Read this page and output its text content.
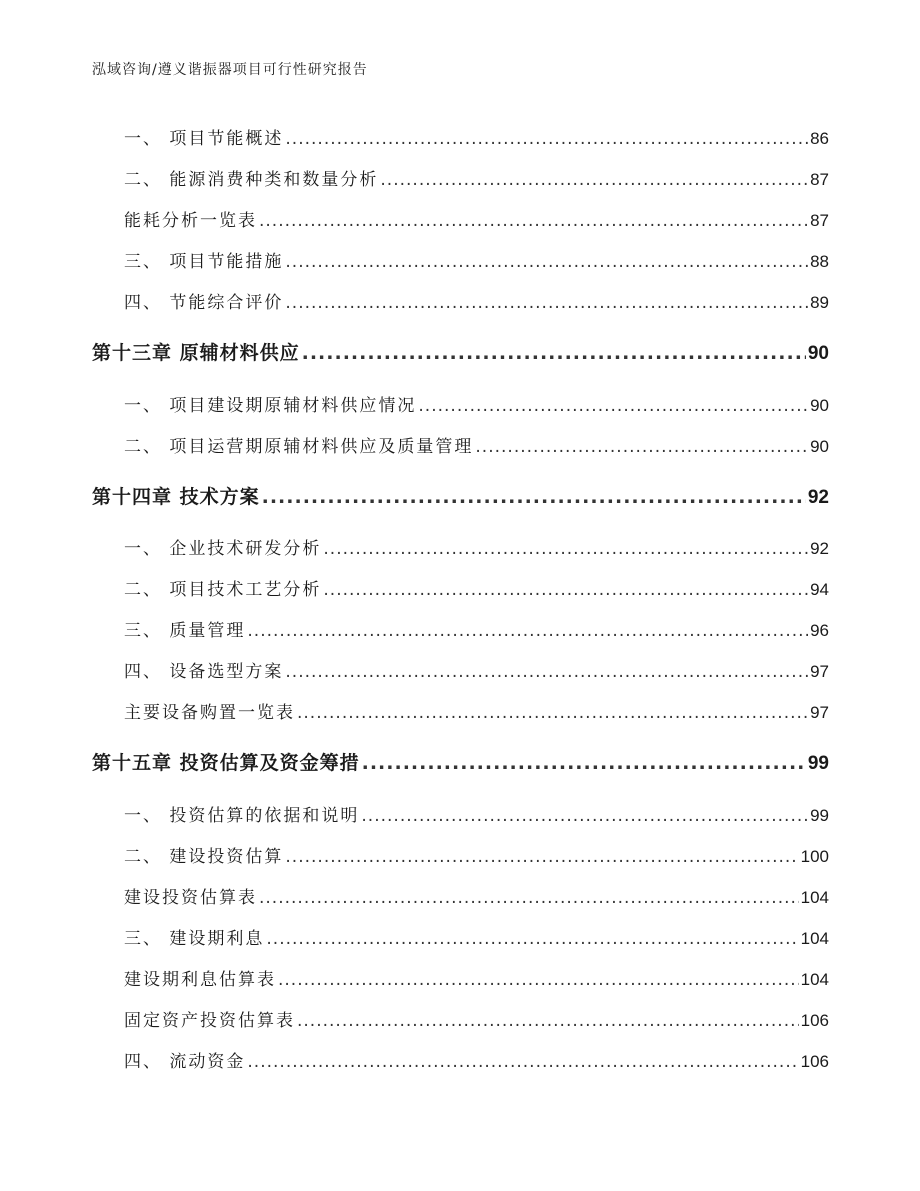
泓域咨询/遵义谐振器项目可行性研究报告
一、 项目节能概述 .....	86
二、 能源消费种类和数量分析 .....	87
能耗分析一览表 .....	87
三、 项目节能措施 .....	88
四、 节能综合评价 .....	89
第十三章 原辅材料供应 .....	90
一、 项目建设期原辅材料供应情况 .....	90
二、 项目运营期原辅材料供应及质量管理 .....	90
第十四章 技术方案 .....	92
一、 企业技术研发分析 .....	92
二、 项目技术工艺分析 .....	94
三、 质量管理 .....	96
四、 设备选型方案 .....	97
主要设备购置一览表 .....	97
第十五章 投资估算及资金筹措 .....	99
一、 投资估算的依据和说明 .....	99
二、 建设投资估算 .....	100
建设投资估算表 .....	104
三、 建设期利息 .....	104
建设期利息估算表 .....	104
固定资产投资估算表 .....	106
四、 流动资金 .....	106
